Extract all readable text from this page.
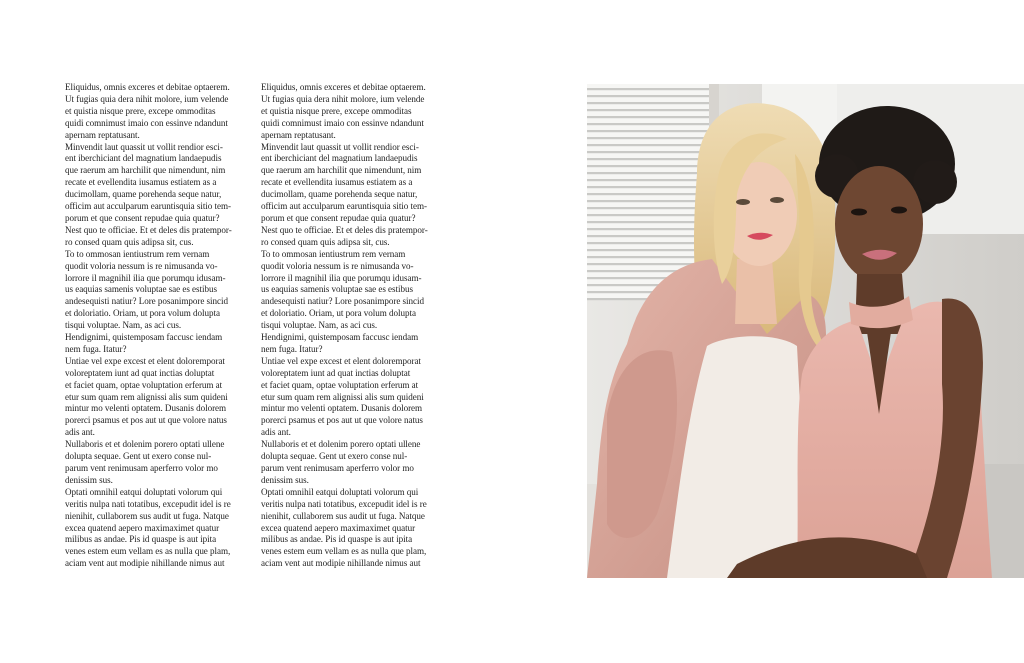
Eliquidus, omnis exceres et debitae optaerem.
Ut fugias quia dera nihit molore, ium velende
et quistia nisque prere, excepe ommoditas
quidi comnimust imaio con essinve ndandunt
apernam reptatusant.

Minvendit laut quassit ut vollit rendior esci-
ent iberchiciant del magnatium landaepudis
que raerum am harchilit que nimendunt, nim
recate et evellendita iusamus estiatem as a
ducimollam, quame porehenda seque natur,
officim aut acculparum earuntisquia sitio tem-
porum et que consent repudae quia quatur?
Nest quo te officiae. Et et deles dis pratempor-
ro consed quam quis adipsa sit, cus.

To to ommosan ientiustrum rem vernam
quodit voloria nessum is re nimusanda vo-
lorrore il magnihil ilia que porumqu idusam-
us eaquias samenis voluptae sae es estibus
andesequisti natiur? Lore posanimpore sincid
et doloriatio. Oriam, ut pora volum dolupta
tisqui voluptae. Nam, as aci cus.

Hendignimi, quistemposam faccusc iendam
nem fuga. Itatur?

Untiae vel expe excest et elent doloremporat
voloreptatem iunt ad quat inctias doluptat
et faciet quam, optae voluptation erferum at
etur sum quam rem alignissi alis sum quideni
mintur mo velenti optatem. Dusanis dolorem
porerci psamus et pos aut ut que volore natus
adis ant.

Nullaboris et et dolenim porero optati ullene
dolupta sequae. Gent ut exero conse nul-
parum vent renimusam aperferro volor mo
denissim sus.

Optati omnihil eatqui doluptati volorum qui
veritis nulpa nati totatibus, excepudit idel is re
nienihit, cullaborem sus audit ut fuga. Natque
excea quatend aepero maximaximet quatur
milibus as andae. Pis id quaspe is aut ipita
venes estem eum vellam es as nulla que plam,
aciam vent aut modipie nihillande nimus aut

Eliquidus, omnis exceres et debitae optaerem.
Ut fugias quia dera nihit molore, ium velende
et quistia nisque prere, excepe ommoditas
quidi comnimust imaio con essinve ndandunt
apernam reptatusant.

Minvendit laut quassit ut vollit rendior esci-
ent iberchiciant del magnatium landaepudis
que raerum am harchilit que nimendunt, nim
recate et evellendita iusamus estiatem as a
ducimollam, quame porehenda seque natur,
officim aut acculparum earuntisquia sitio tem-
porum et que consent repudae quia quatur?
Nest quo te officiae. Et et deles dis pratempor-
ro consed quam quis adipsa sit, cus.

To to ommosan ientiustrum rem vernam
quodit voloria nessum is re nimusanda vo-
lorrore il magnihil ilia que porumqu idusam-
us eaquias samenis voluptae sae es estibus
andesequisti natiur? Lore posanimpore sincid
et doloriatio. Oriam, ut pora volum dolupta
tisqui voluptae. Nam, as aci cus.

Hendignimi, quistemposam faccusc iendam
nem fuga. Itatur?

Untiae vel expe excest et elent doloremporat
voloreptatem iunt ad quat inctias doluptat
et faciet quam, optae voluptation erferum at
etur sum quam rem alignissi alis sum quideni
mintur mo velenti optatem. Dusanis dolorem
porerci psamus et pos aut ut que volore natus
adis ant.

Nullaboris et et dolenim porero optati ullene
dolupta sequae. Gent ut exero conse nul-
parum vent renimusam aperferro volor mo
denissim sus.

Optati omnihil eatqui doluptati volorum qui
veritis nulpa nati totatibus, excepudit idel is re
nienihit, cullaborem sus audit ut fuga. Natque
excea quatend aepero maximaximet quatur
milibus as andae. Pis id quaspe is aut ipita
venes estem eum vellam es as nulla que plam,
aciam vent aut modipie nihillande nimus aut
